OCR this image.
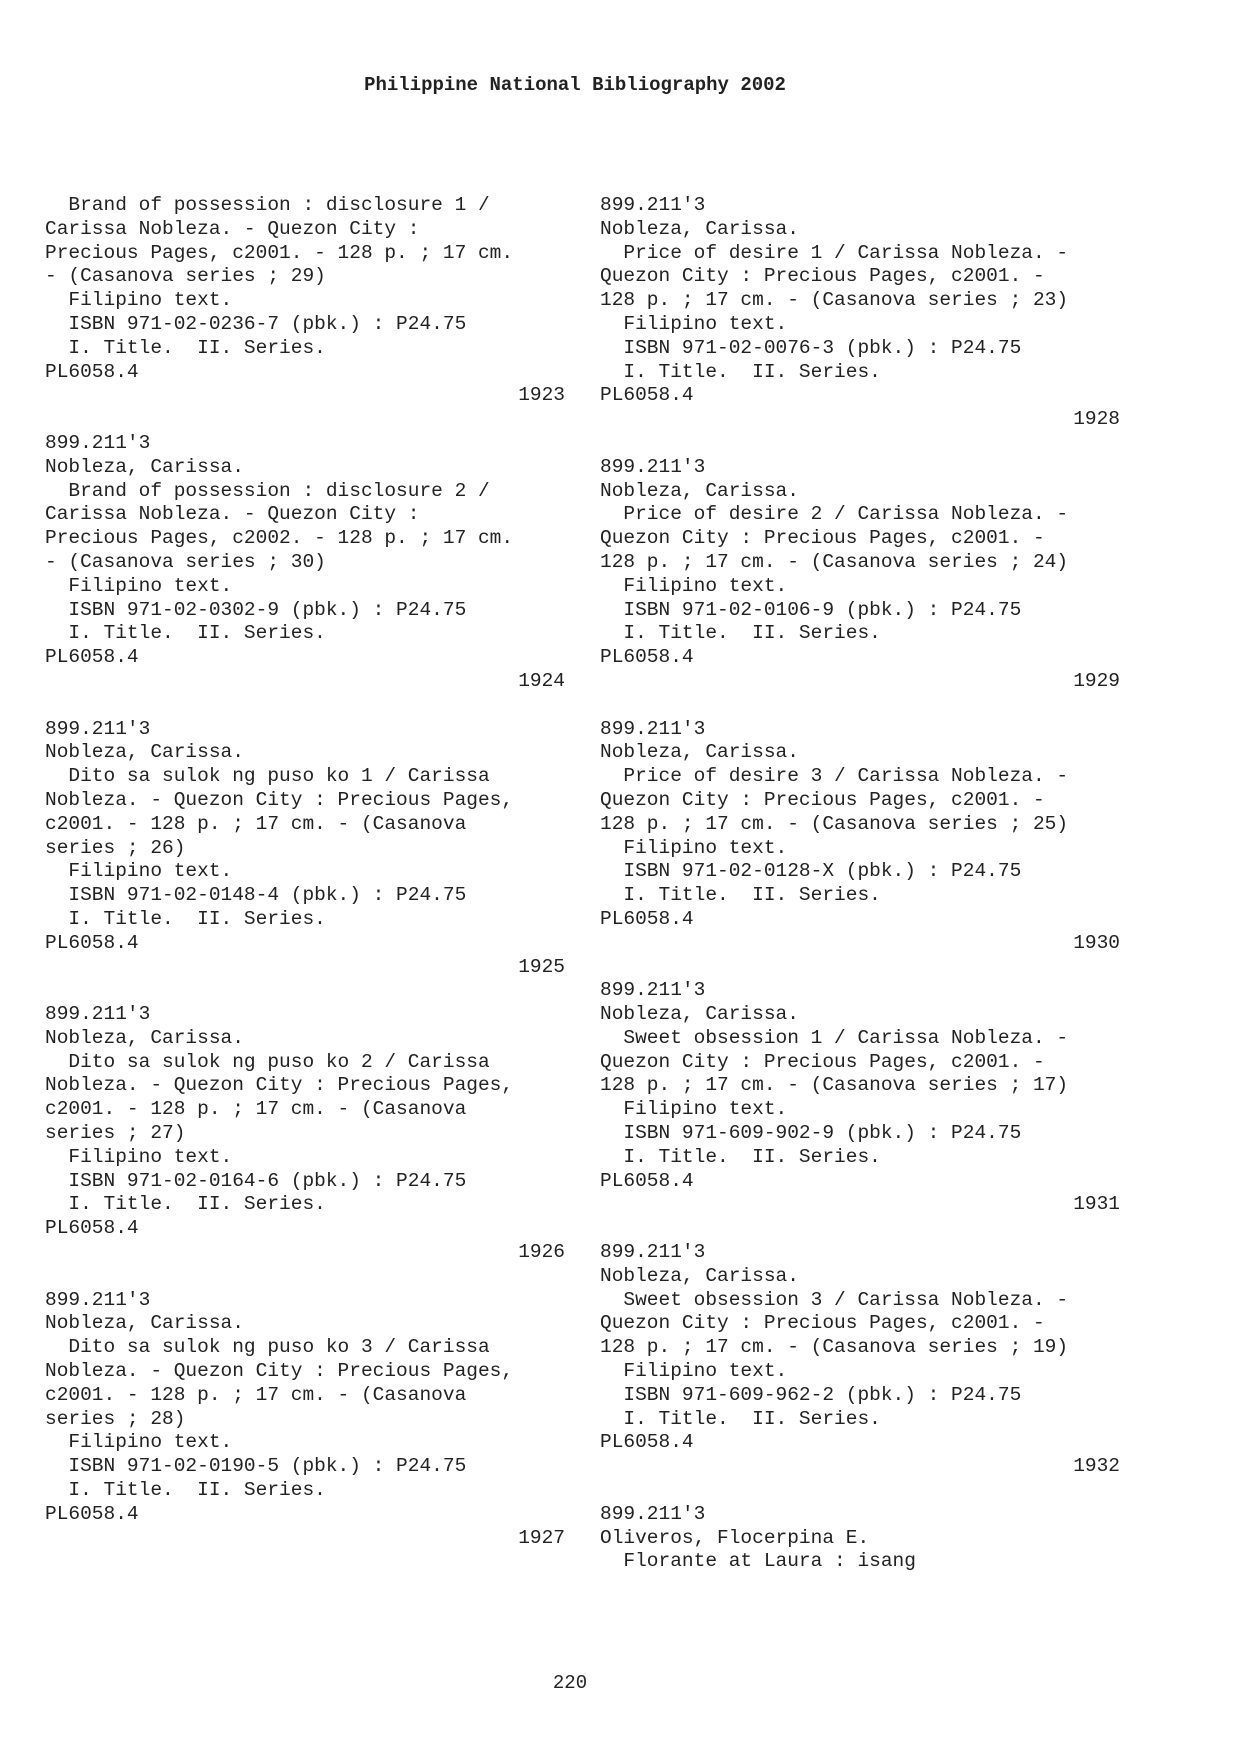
Philippine National Bibliography 2002
Brand of possession : disclosure 1 /
Carissa Nobleza. - Quezon City :
Precious Pages, c2001. - 128 p. ; 17 cm.
- (Casanova series ; 29)
Filipino text.
ISBN 971-02-0236-7 (pbk.) : P24.75
I. Title.  II. Series.
PL6058.4
1923
899.211'3
Nobleza, Carissa.
Brand of possession : disclosure 2 /
Carissa Nobleza. - Quezon City :
Precious Pages, c2002. - 128 p. ; 17 cm.
- (Casanova series ; 30)
Filipino text.
ISBN 971-02-0302-9 (pbk.) : P24.75
I. Title.  II. Series.
PL6058.4
1924
899.211'3
Nobleza, Carissa.
Dito sa sulok ng puso ko 1 / Carissa
Nobleza. - Quezon City : Precious Pages,
c2001. - 128 p. ; 17 cm. - (Casanova
series ; 26)
Filipino text.
ISBN 971-02-0148-4 (pbk.) : P24.75
I. Title.  II. Series.
PL6058.4
1925
899.211'3
Nobleza, Carissa.
Dito sa sulok ng puso ko 2 / Carissa
Nobleza. - Quezon City : Precious Pages,
c2001. - 128 p. ; 17 cm. - (Casanova
series ; 27)
Filipino text.
ISBN 971-02-0164-6 (pbk.) : P24.75
I. Title.  II. Series.
PL6058.4
1926
899.211'3
Nobleza, Carissa.
Dito sa sulok ng puso ko 3 / Carissa
Nobleza. - Quezon City : Precious Pages,
c2001. - 128 p. ; 17 cm. - (Casanova
series ; 28)
Filipino text.
ISBN 971-02-0190-5 (pbk.) : P24.75
I. Title.  II. Series.
PL6058.4
1927
899.211'3
Nobleza, Carissa.
Price of desire 1 / Carissa Nobleza. -
Quezon City : Precious Pages, c2001. -
128 p. ; 17 cm. - (Casanova series ; 23)
Filipino text.
ISBN 971-02-0076-3 (pbk.) : P24.75
I. Title.  II. Series.
PL6058.4
1928
899.211'3
Nobleza, Carissa.
Price of desire 2 / Carissa Nobleza. -
Quezon City : Precious Pages, c2001. -
128 p. ; 17 cm. - (Casanova series ; 24)
Filipino text.
ISBN 971-02-0106-9 (pbk.) : P24.75
I. Title.  II. Series.
PL6058.4
1929
899.211'3
Nobleza, Carissa.
Price of desire 3 / Carissa Nobleza. -
Quezon City : Precious Pages, c2001. -
128 p. ; 17 cm. - (Casanova series ; 25)
Filipino text.
ISBN 971-02-0128-X (pbk.) : P24.75
I. Title.  II. Series.
PL6058.4
1930
899.211'3
Nobleza, Carissa.
Sweet obsession 1 / Carissa Nobleza. -
Quezon City : Precious Pages, c2001. -
128 p. ; 17 cm. - (Casanova series ; 17)
Filipino text.
ISBN 971-609-902-9 (pbk.) : P24.75
I. Title.  II. Series.
PL6058.4
1931
899.211'3
Nobleza, Carissa.
Sweet obsession 3 / Carissa Nobleza. -
Quezon City : Precious Pages, c2001. -
128 p. ; 17 cm. - (Casanova series ; 19)
Filipino text.
ISBN 971-609-962-2 (pbk.) : P24.75
I. Title.  II. Series.
PL6058.4
1932
899.211'3
Oliveros, Flocerpina E.
Florante at Laura : isang
220
